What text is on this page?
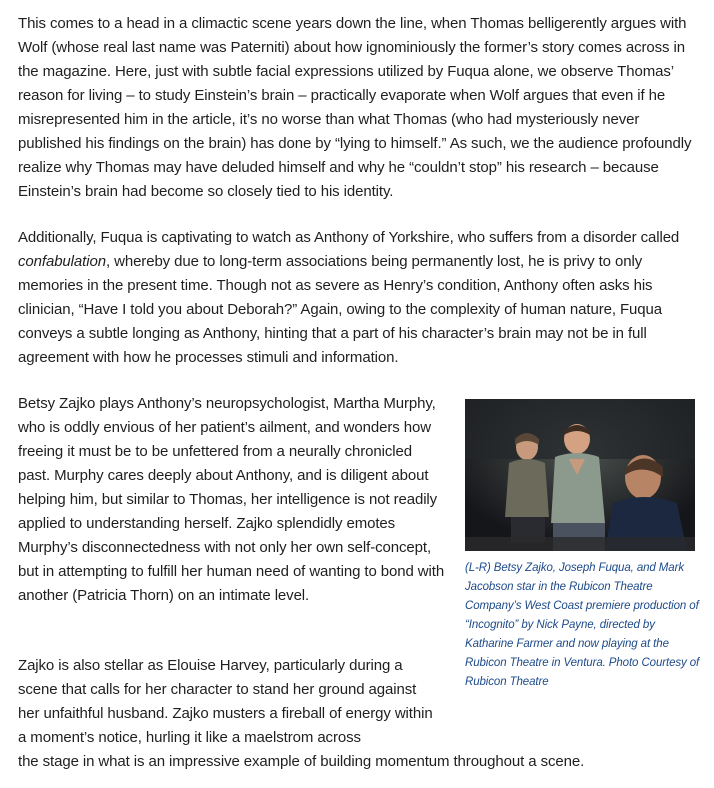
This comes to a head in a climactic scene years down the line, when Thomas belligerently argues with Wolf (whose real last name was Paterniti) about how ignominiously the former’s story comes across in the magazine. Here, just with subtle facial expressions utilized by Fuqua alone, we observe Thomas’ reason for living – to study Einstein’s brain – practically evaporate when Wolf argues that even if he misrepresented him in the article, it’s no worse than what Thomas (who had mysteriously never published his findings on the brain) has done by “lying to himself.” As such, we the audience profoundly realize why Thomas may have deluded himself and why he “couldn’t stop” his research – because Einstein’s brain had become so closely tied to his identity.

Additionally, Fuqua is captivating to watch as Anthony of Yorkshire, who suffers from a disorder called confabulation, whereby due to long-term associations being permanently lost, he is privy to only memories in the present time. Though not as severe as Henry’s condition, Anthony often asks his clinician, “Have I told you about Deborah?” Again, owing to the complexity of human nature, Fuqua conveys a subtle longing as Anthony, hinting that a part of his character’s brain may not be in full agreement with how he processes stimuli and information.

Betsy Zajko plays Anthony’s neuropsychologist, Martha Murphy, who is oddly envious of her patient’s ailment, and wonders how freeing it must be to be unfettered from a neurally chronicled past. Murphy cares deeply about Anthony, and is diligent about helping him, but similar to Thomas, her intelligence is not readily applied to understanding herself. Zajko splendidly emotes Murphy’s disconnectedness with not only her own self-concept, but in attempting to fulfill her human need of wanting to bond with another (Patricia Thorn) on an intimate level.

Zajko is also stellar as Elouise Harvey, particularly during a scene that calls for her character to stand her ground against her unfaithful husband. Zajko musters a fireball of energy within a moment’s notice, hurling it like a maelstrom across
the stage in what is an impressive example of building momentum throughout a scene.

(L-R) Betsy Zajko, Joseph Fuqua, and Mark Jacobson star in the Rubicon Theatre Company’s West Coast premiere production of “Incognito” by Nick Payne, directed by Katharine Farmer and now playing at the Rubicon Theatre in Ventura. Photo Courtesy of Rubicon Theatre
